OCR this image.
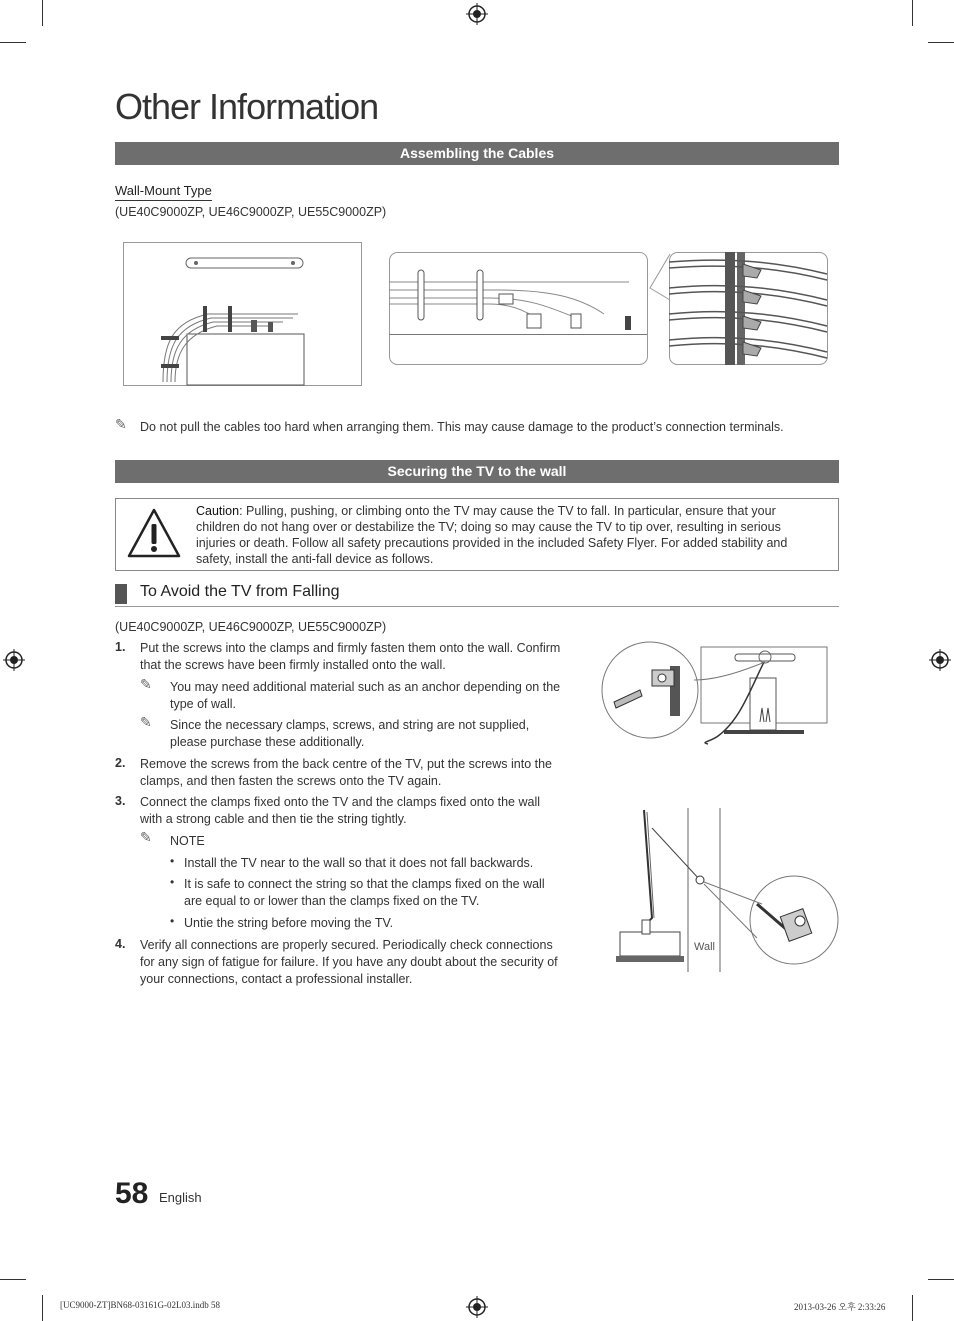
Other Information
Assembling the Cables
Wall-Mount Type
(UE40C9000ZP, UE46C9000ZP, UE55C9000ZP)
✎ Do not pull the cables too hard when arranging them. This may cause damage to the product’s connection terminals.
Securing the TV to the wall
Caution: Pulling, pushing, or climbing onto the TV may cause the TV to fall. In particular, ensure that your children do not hang over or destabilize the TV; doing so may cause the TV to tip over, resulting in serious injuries or death. Follow all safety precautions provided in the included Safety Flyer. For added stability and safety, install the anti-fall device as follows.
To Avoid the TV from Falling
(UE40C9000ZP, UE46C9000ZP, UE55C9000ZP)
1. Put the screws into the clamps and firmly fasten them onto the wall. Confirm that the screws have been firmly installed onto the wall.
✎ You may need additional material such as an anchor depending on the type of wall.
✎ Since the necessary clamps, screws, and string are not supplied, please purchase these additionally.
2. Remove the screws from the back centre of the TV, put the screws into the clamps, and then fasten the screws onto the TV again.
3. Connect the clamps fixed onto the TV and the clamps fixed onto the wall with a strong cable and then tie the string tightly.
✎ NOTE
• Install the TV near to the wall so that it does not fall backwards.
• It is safe to connect the string so that the clamps fixed on the wall are equal to or lower than the clamps fixed on the TV.
• Untie the string before moving the TV.
4. Verify all connections are properly secured. Periodically check connections for any sign of fatigue for failure. If you have any doubt about the security of your connections, contact a professional installer.
Wall
58 English
[UC9000-ZT]BN68-03161G-02L03.indb 58	2013-03-26 오후 2:33:26
